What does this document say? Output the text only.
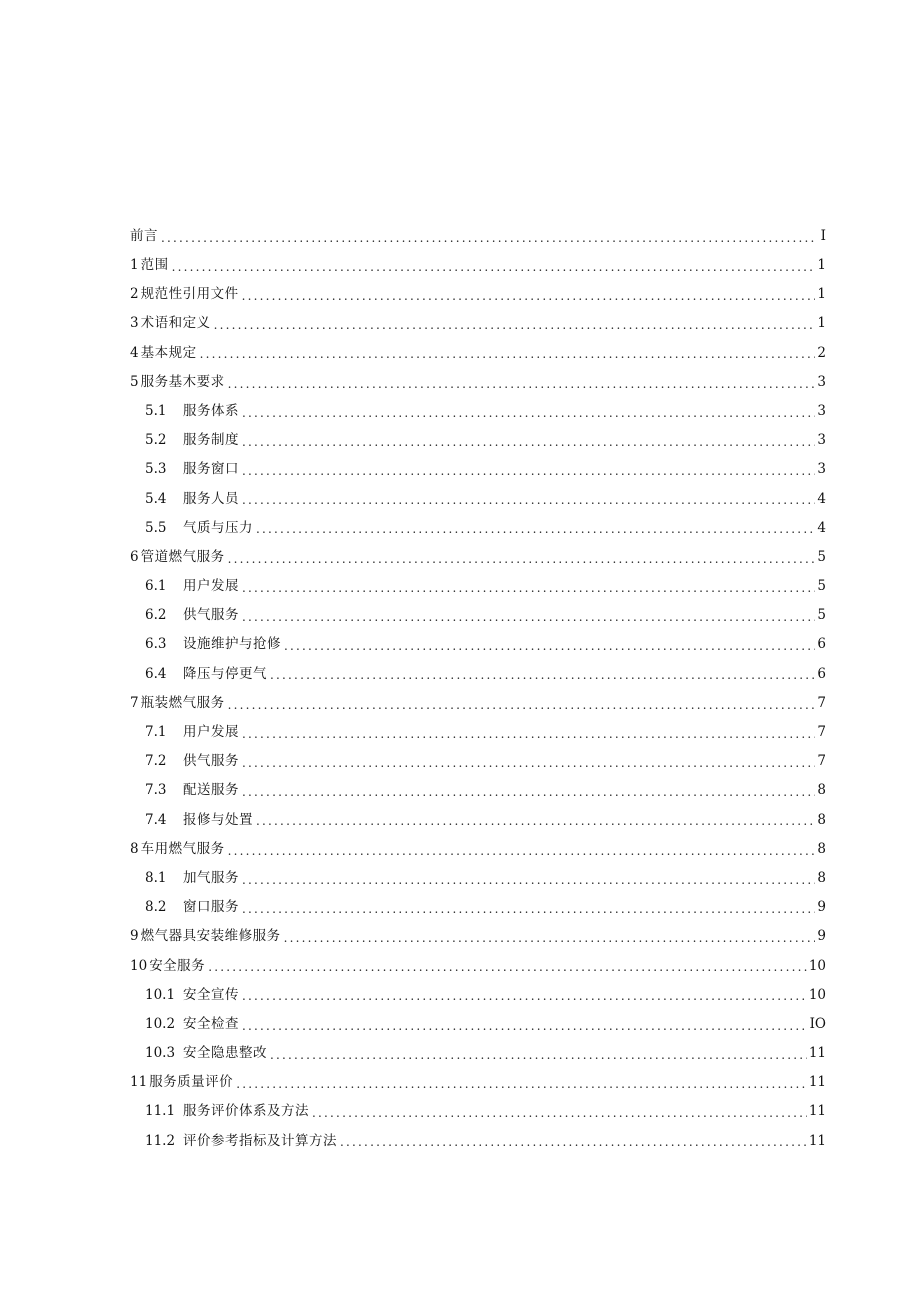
前言 .....	I
1 范围 .....	1
2 规范性引用文件 .....	1
3 术语和定义 .....	1
4 基本规定 .....	2
5 服务基木要求 .....	3
5.1	服务体系 .....	3
5.2	服务制度 .....	3
5.3	服务窗口 .....	3
5.4	服务人员 .....	4
5.5	气质与压力 .....	4
6 管道燃气服务 .....	5
6.1	用户发展 .....	5
6.2	供气服务 .....	5
6.3	设施维护与抢修 .....	6
6.4	降压与停更气 .....	6
7 瓶装燃气服务 .....	7
7.1	用户发展 .....	7
7.2	供气服务 .....	7
7.3	配送服务 .....	8
7.4	报修与处置 .....	8
8 车用燃气服务 .....	8
8.1	加气服务 .....	8
8.2	窗口服务 .....	9
9 燃气器具安装维修服务 .....	9
10 安全服务 .....	10
10.1 安全宣传 .....	10
10.2 安全检查 .....	IO
10.3 安全隐患整改 .....	11
11 服务质量评价 .....	11
11.1 服务评价体系及方法 .....	11
11.2 评价参考指标及计算方法 .....	11
